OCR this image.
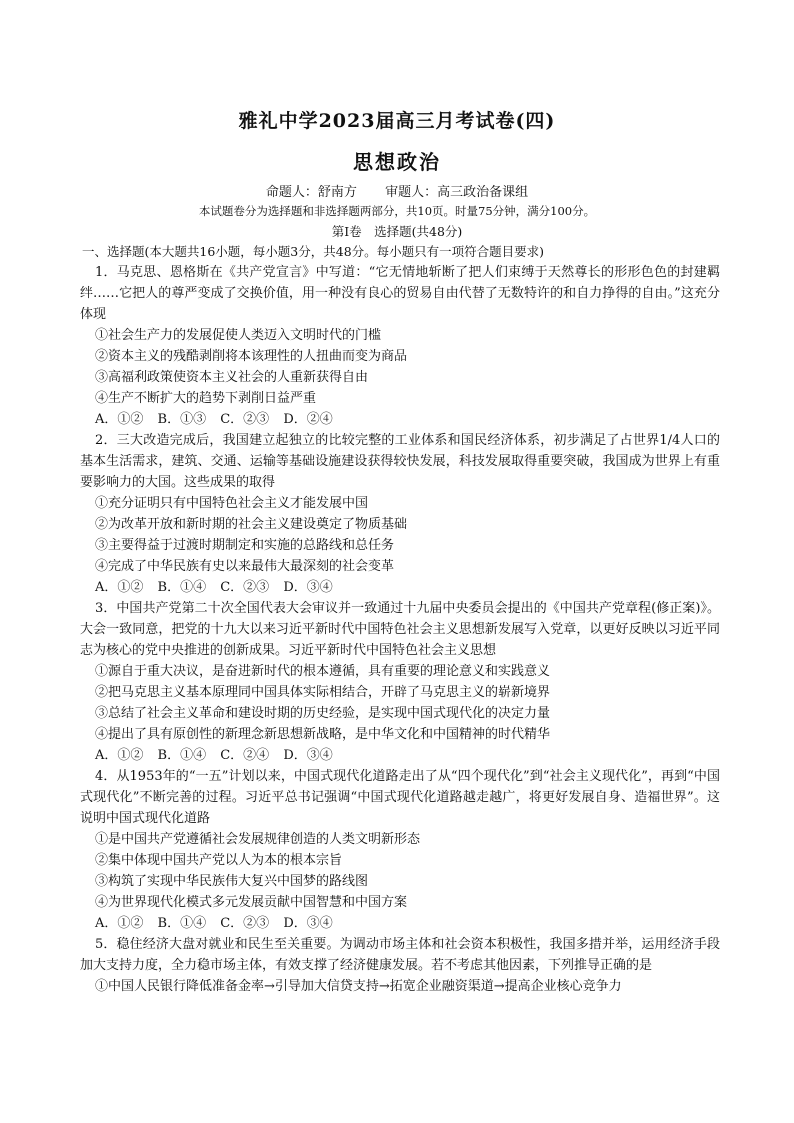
雅礼中学2023届高三月考试卷(四)
思想政治
命题人：舒南方 审题人：高三政治备课组
本试题卷分为选择题和非选择题两部分，共10页。时量75分钟，满分100分。
第Ⅰ卷　选择题(共48分)
一、选择题(本大题共16小题，每小题3分，共48分。每小题只有一项符合题目要求)

1．马克思、恩格斯在《共产党宣言》中写道：“它无情地斩断了把人们束缚于天然尊长的形形色色的封建羁绊……它把人的尊严变成了交换价值，用一种没有良心的贸易自由代替了无数特许的和自力挣得的自由。”这充分体现

①社会生产力的发展促使人类迈入文明时代的门槛

②资本主义的残酷剥削将本该理性的人扭曲而变为商品

③高福利政策使资本主义社会的人重新获得自由

④生产不断扩大的趋势下剥削日益严重

A．①② B．①③ C．②③ D．②④

2．三大改造完成后，我国建立起独立的比较完整的工业体系和国民经济体系，初步满足了占世界1/4人口的基本生活需求，建筑、交通、运输等基础设施建设获得较快发展，科技发展取得重要突破，我国成为世界上有重要影响力的大国。这些成果的取得

①充分证明只有中国特色社会主义才能发展中国

②为改革开放和新时期的社会主义建设奠定了物质基础

③主要得益于过渡时期制定和实施的总路线和总任务

④完成了中华民族有史以来最伟大最深刻的社会变革

A．①② B．①④ C．②③ D．③④

3．中国共产党第二十次全国代表大会审议并一致通过十九届中央委员会提出的《中国共产党章程(修正案)》。大会一致同意，把党的十九大以来习近平新时代中国特色社会主义思想新发展写入党章，以更好反映以习近平同志为核心的党中央推进的创新成果。习近平新时代中国特色社会主义思想

①源自于重大决议，是奋进新时代的根本遵循，具有重要的理论意义和实践意义

②把马克思主义基本原理同中国具体实际相结合，开辟了马克思主义的崭新境界

③总结了社会主义革命和建设时期的历史经验，是实现中国式现代化的决定力量

④提出了具有原创性的新理念新思想新战略，是中华文化和中国精神的时代精华

A．①② B．①④ C．②④ D．③④

4．从1953年的“一五”计划以来，中国式现代化道路走出了从“四个现代化”到“社会主义现代化”，再到“中国式现代化”不断完善的过程。习近平总书记强调“中国式现代化道路越走越广，将更好发展自身、造福世界”。这说明中国式现代化道路

①是中国共产党遵循社会发展规律创造的人类文明新形态

②集中体现中国共产党以人为本的根本宗旨

③构筑了实现中华民族伟大复兴中国梦的路线图

④为世界现代化模式多元发展贡献中国智慧和中国方案

A．①② B．①④ C．②③ D．③④

5．稳住经济大盘对就业和民生至关重要。为调动市场主体和社会资本积极性，我国多措并举，运用经济手段加大支持力度，全力稳市场主体，有效支撑了经济健康发展。若不考虑其他因素，下列推导正确的是

①中国人民银行降低准备金率→引导加大信贷支持→拓宽企业融资渠道→提高企业核心竞争力
